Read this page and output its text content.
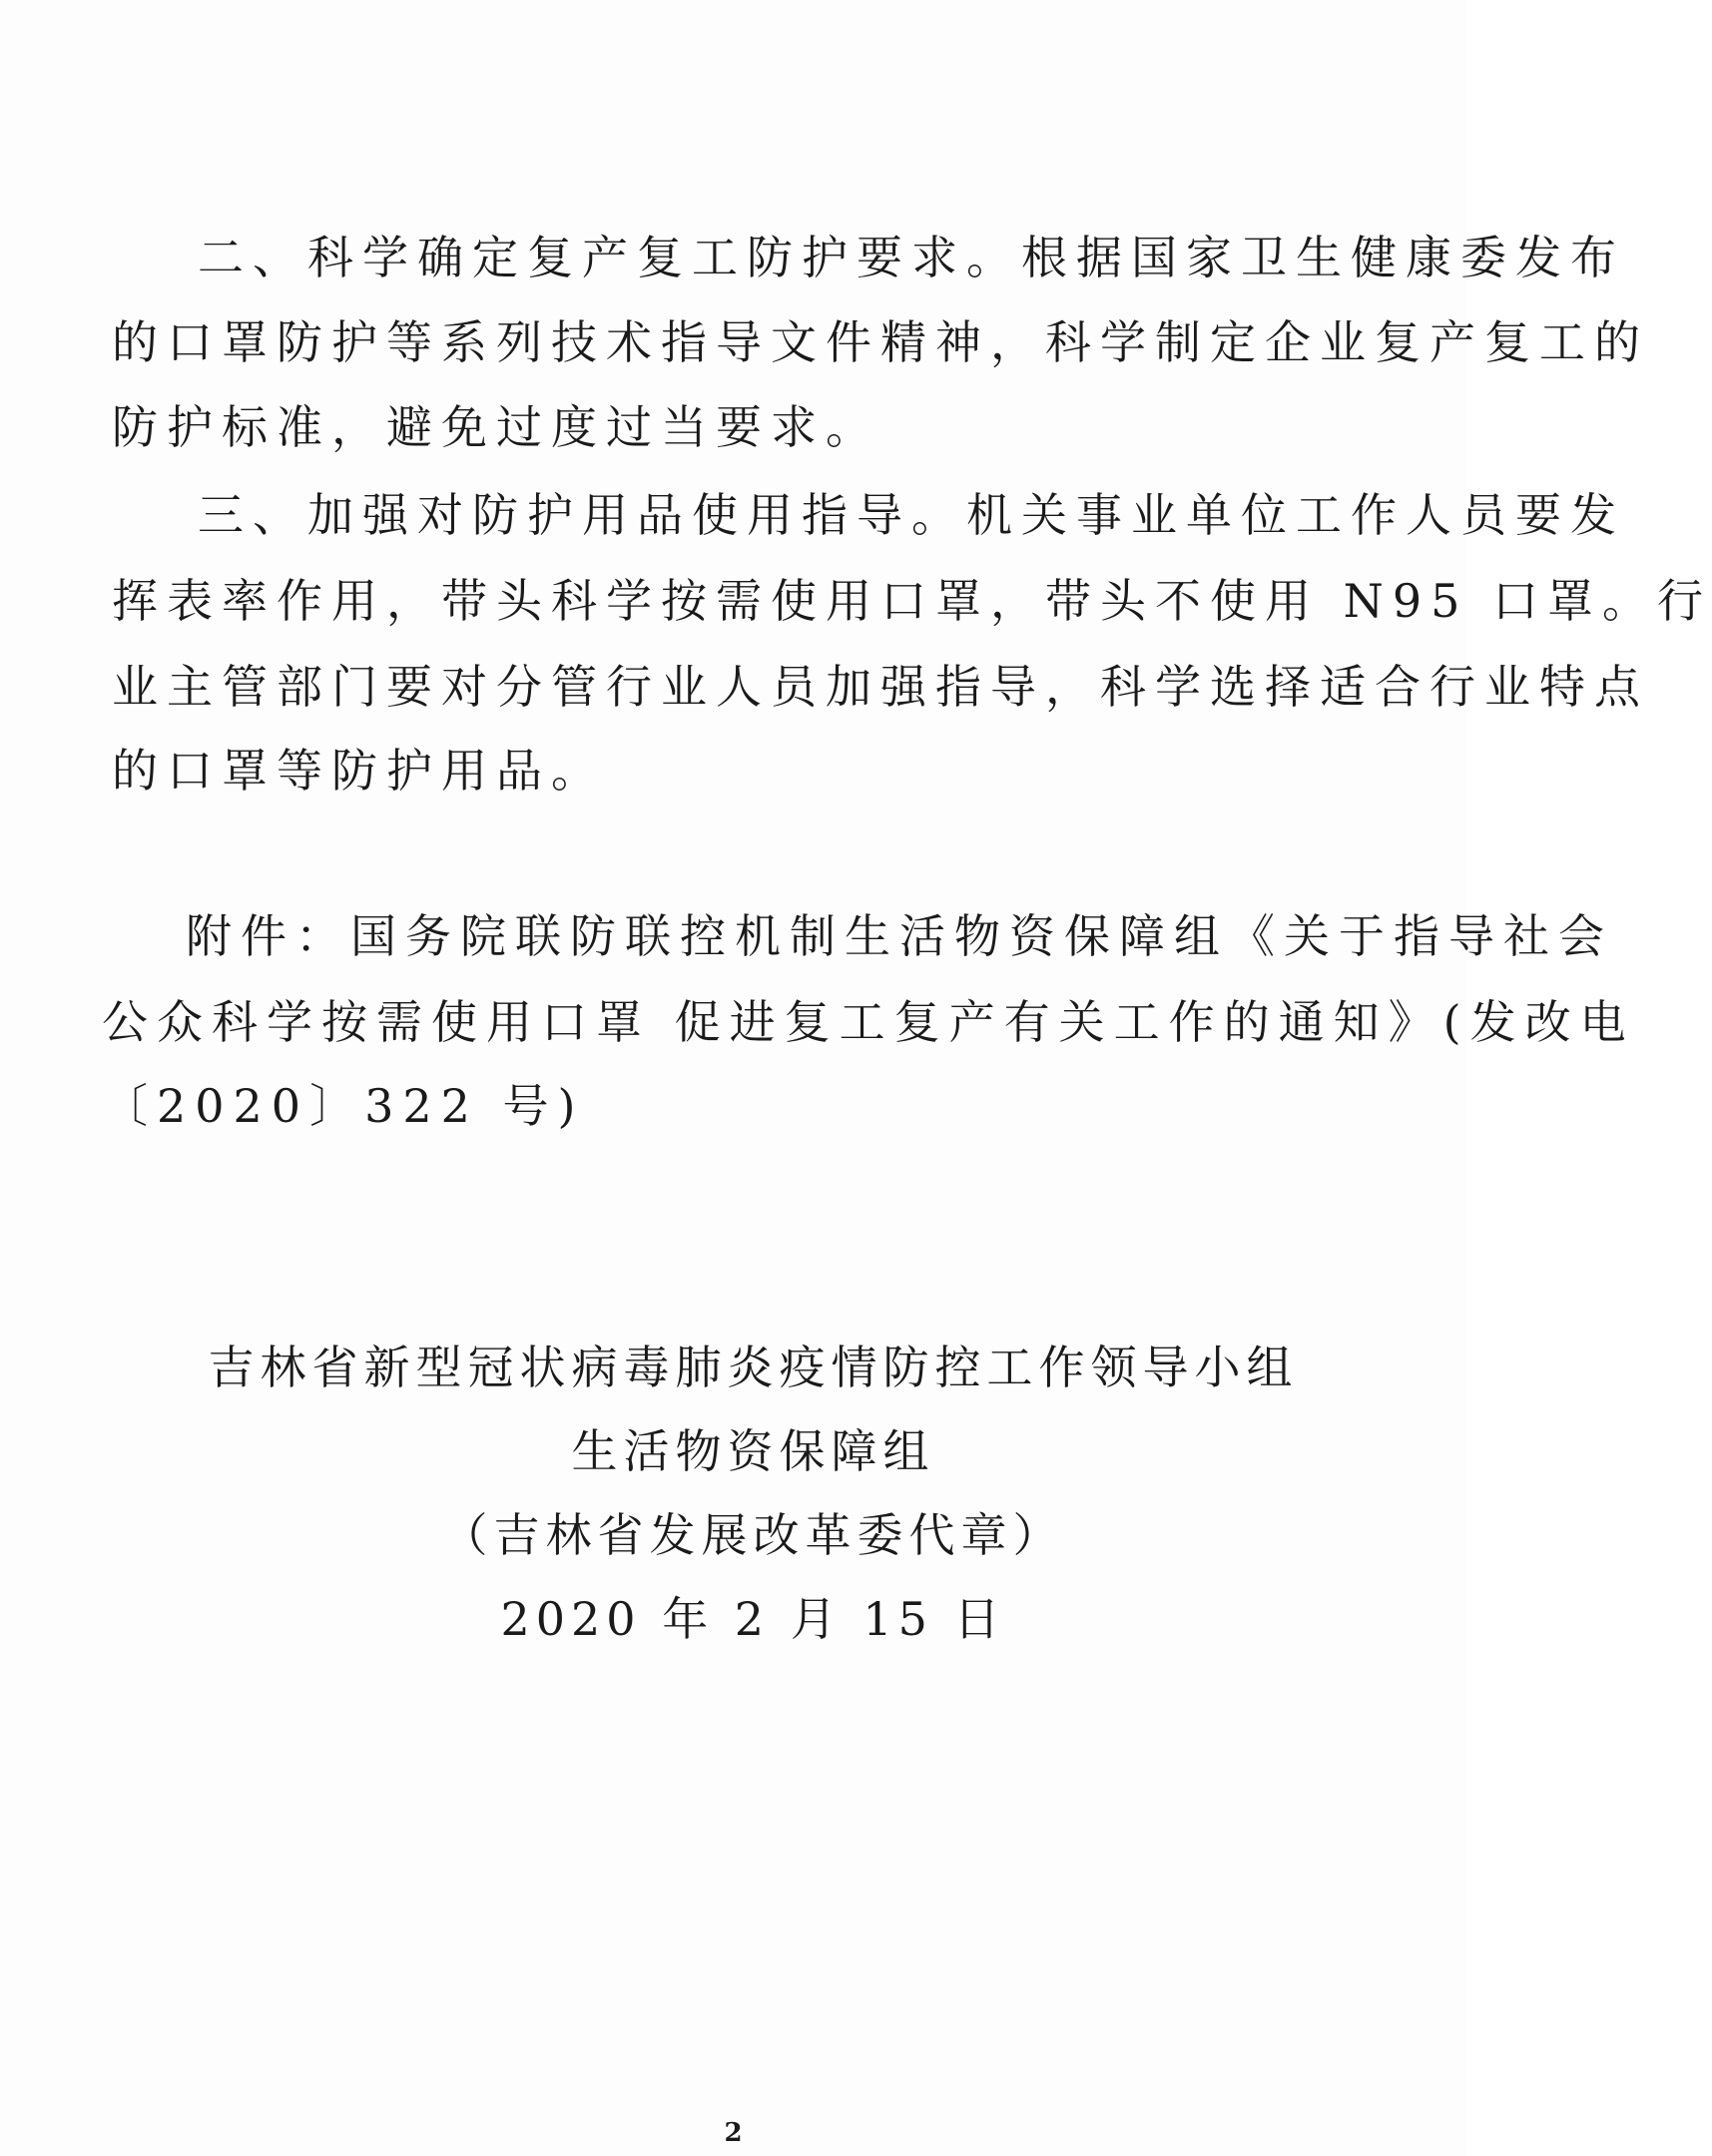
二、科学确定复产复工防护要求。根据国家卫生健康委发布
的口罩防护等系列技术指导文件精神，科学制定企业复产复工的
防护标准，避免过度过当要求。
三、加强对防护用品使用指导。机关事业单位工作人员要发
挥表率作用，带头科学按需使用口罩，带头不使用 N95 口罩。行
业主管部门要对分管行业人员加强指导，科学选择适合行业特点
的口罩等防护用品。
附件：国务院联防联控机制生活物资保障组《关于指导社会
公众科学按需使用口罩 促进复工复产有关工作的通知》(发改电
〔2020〕322 号)
吉林省新型冠状病毒肺炎疫情防控工作领导小组
生活物资保障组
（吉林省发展改革委代章）
2020 年 2 月 15 日
2
